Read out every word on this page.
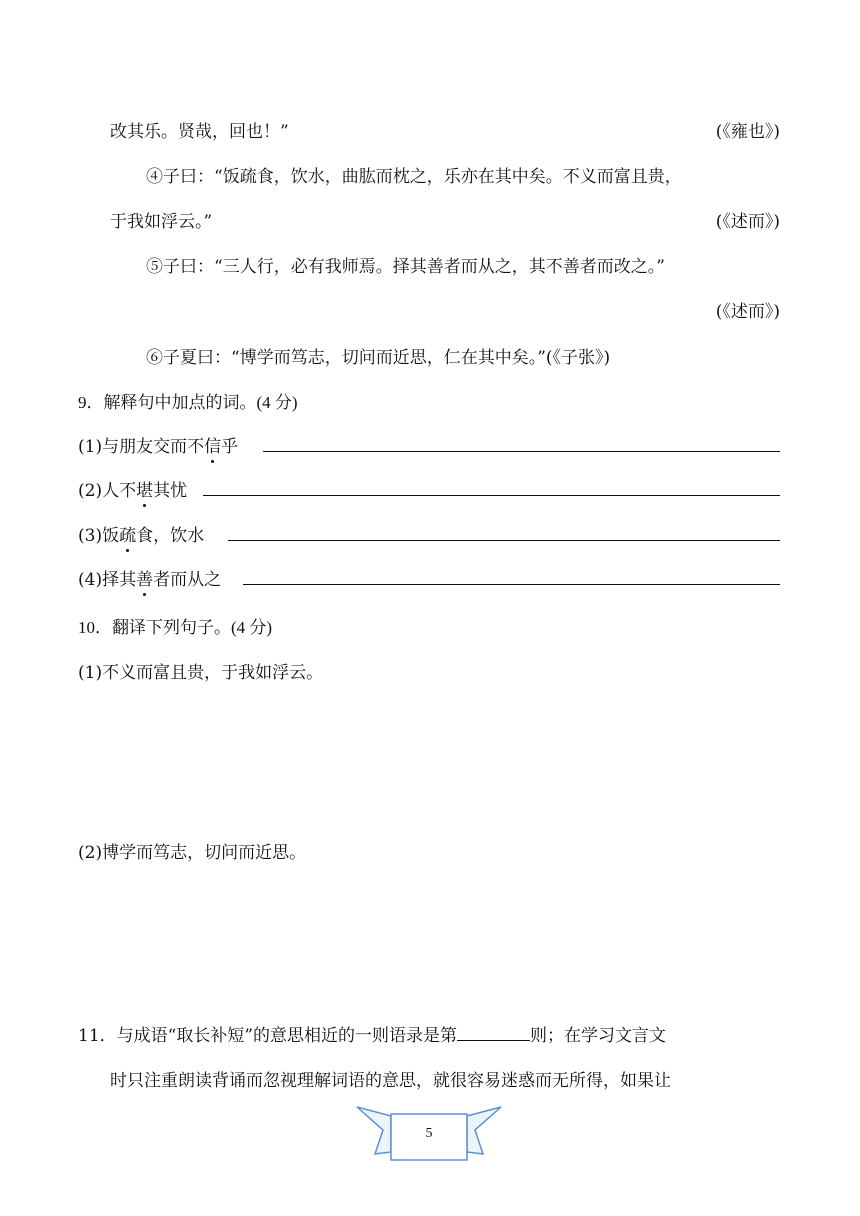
改其乐。贤哉，回也！”	(《雍也》)
④子曰：“饭疏食，饮水，曲肱而枕之，乐亦在其中矣。不义而富且贵，
于我如浮云。”	(《述而》)
⑤子曰：“三人行，必有我师焉。择其善者而从之，其不善者而改之。”
(《述而》)
⑥子夏曰：“博学而笃志，切问而近思，仁在其中矣。”(《子张》)
9．解释句中加点的词。(4 分)
(1)与朋友交而不信乎
(2)人不堪其忧
(3)饭疏食，饮水
(4)择其善者而从之
10．翻译下列句子。(4 分)
(1)不义而富且贵，于我如浮云。
(2)博学而笃志，切问而近思。
11．与成语“取长补短”的意思相近的一则语录是第	则；在学习文言文
时只注重朗读背诵而忽视理解词语的意思，就很容易迷惑而无所得，如果让
5
